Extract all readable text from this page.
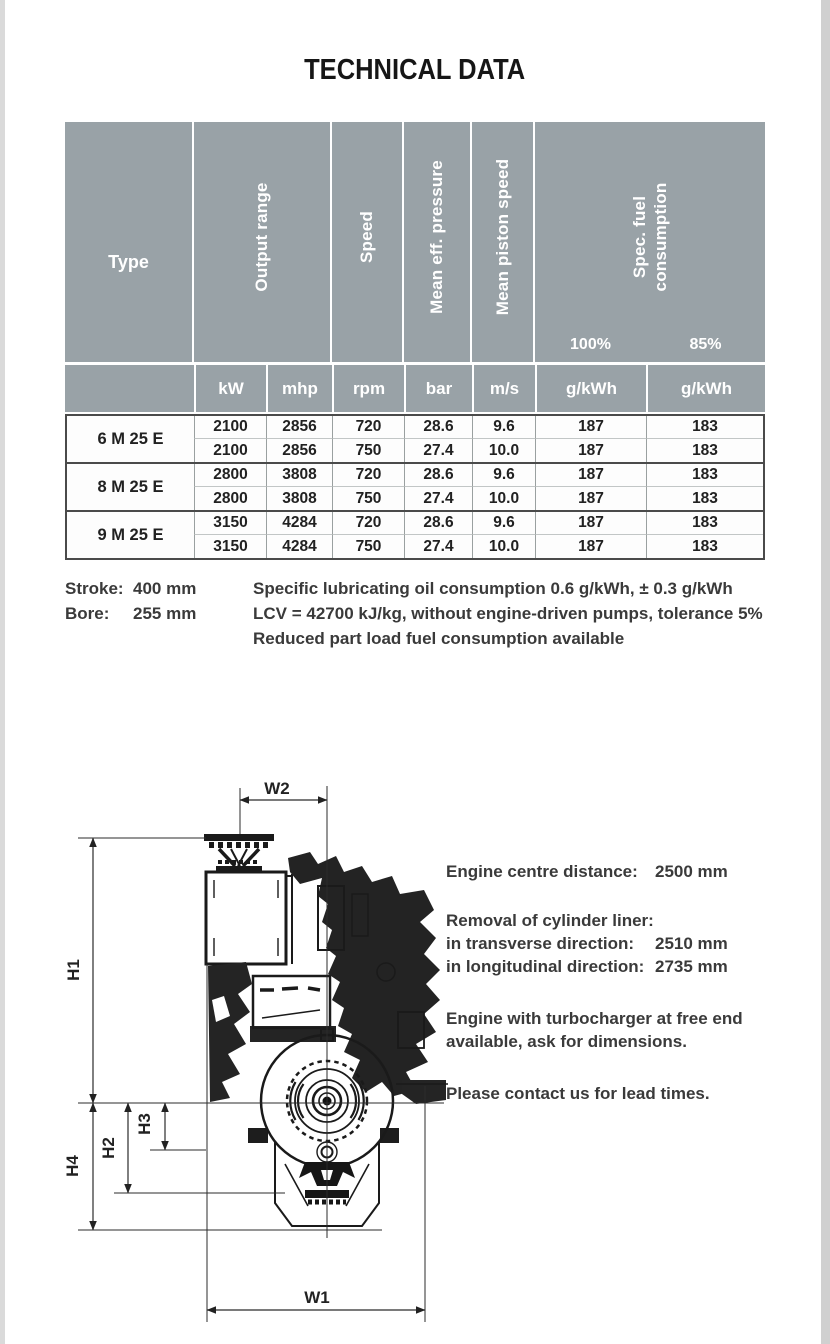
TECHNICAL DATA
Type	Output range	Speed	Mean eff. pressure	Mean piston speed	Spec. fuel consumption
100%	85%
kW	mhp	rpm	bar	m/s	g/kWh	g/kWh
6 M 25 E
2100	2856	720	28.6	9.6	187	183
2100	2856	750	27.4	10.0	187	183
8 M 25 E
2800	3808	720	28.6	9.6	187	183
2800	3808	750	27.4	10.0	187	183
9 M 25 E
3150	4284	720	28.6	9.6	187	183
3150	4284	750	27.4	10.0	187	183
Stroke: 400 mm
Bore:	255 mm
Specific lubricating oil consumption 0.6 g/kWh, ± 0.3 g/kWh
LCV = 42700 kJ/kg, without engine-driven pumps, tolerance 5%
Reduced part load fuel consumption available
W2
W1
H1
H2
H3
H4
Engine centre distance:	2500 mm
Removal of cylinder liner:
in transverse direction:	2510 mm
in longitudinal direction: 2735 mm
Engine with turbocharger at free end
available, ask for dimensions.
Please contact us for lead times.
